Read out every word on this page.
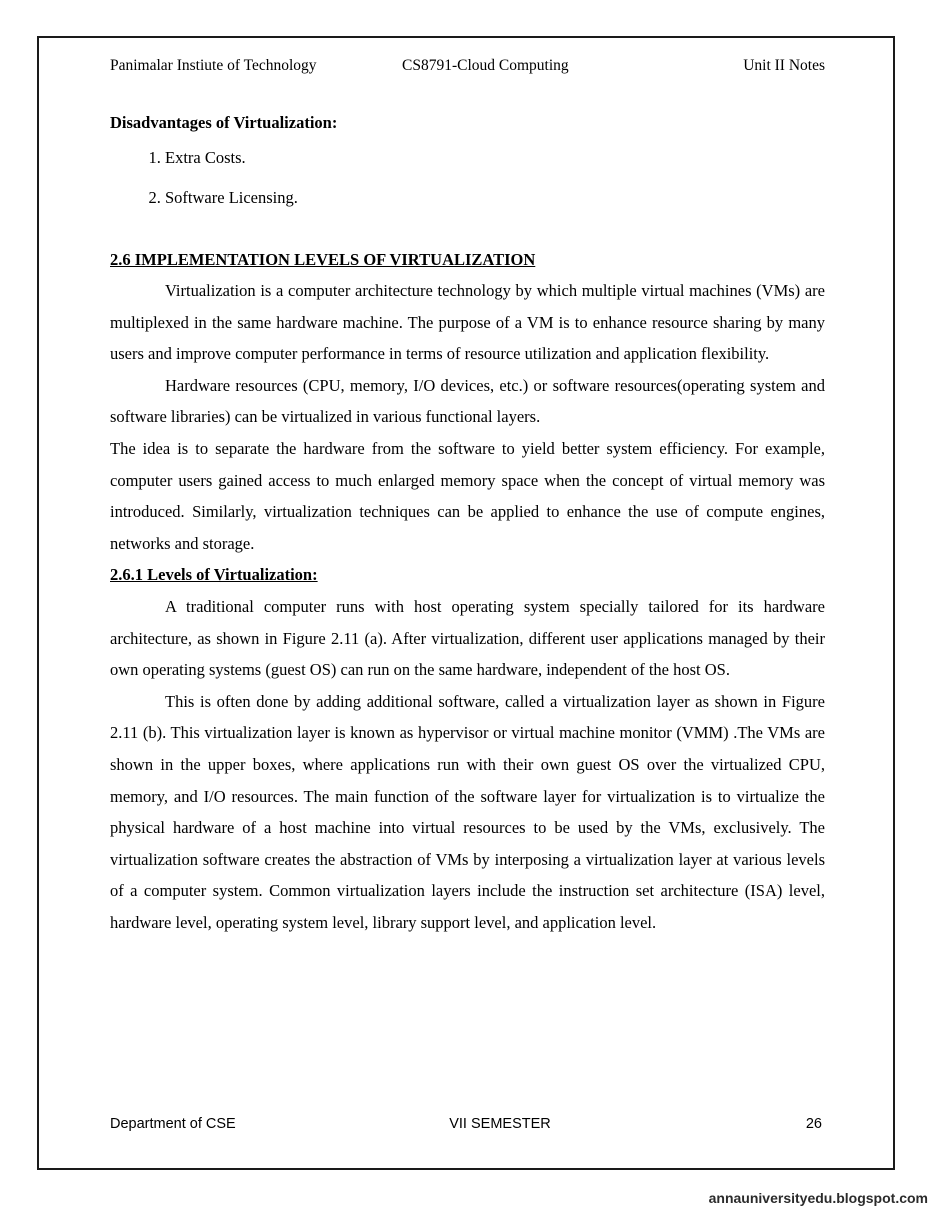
Panimalar Instiute of Technology	CS8791-Cloud Computing	Unit II Notes
Disadvantages of Virtualization:
1. Extra Costs.
2. Software Licensing.
2.6 IMPLEMENTATION LEVELS OF VIRTUALIZATION

Virtualization is a computer architecture technology by which multiple virtual machines (VMs) are multiplexed in the same hardware machine. The purpose of a VM is to enhance resource sharing by many users and improve computer performance in terms of resource utilization and application flexibility.

Hardware resources (CPU, memory, I/O devices, etc.) or software resources(operating system and software libraries) can be virtualized in various functional layers.

The idea is to separate the hardware from the software to yield better system efficiency. For example, computer users gained access to much enlarged memory space when the concept of virtual memory was introduced. Similarly, virtualization techniques can be applied to enhance the use of compute engines, networks and storage.

2.6.1 Levels of Virtualization:

A traditional computer runs with host operating system specially tailored for its hardware architecture, as shown in Figure 2.11 (a). After virtualization, different user applications managed by their own operating systems (guest OS) can run on the same hardware, independent of the host OS.

This is often done by adding additional software, called a virtualization layer as shown in Figure 2.11 (b). This virtualization layer is known as hypervisor or virtual machine monitor (VMM) .The VMs are shown in the upper boxes, where applications run with their own guest OS over the virtualized CPU, memory, and I/O resources. The main function of the software layer for virtualization is to virtualize the physical hardware of a host machine into virtual resources to be used by the VMs, exclusively. The virtualization software creates the abstraction of VMs by interposing a virtualization layer at various levels of a computer system. Common virtualization layers include the instruction set architecture (ISA) level, hardware level, operating system level, library support level, and application level.

Department of CSE	VII SEMESTER	26
annauniversityedu.blogspot.com
